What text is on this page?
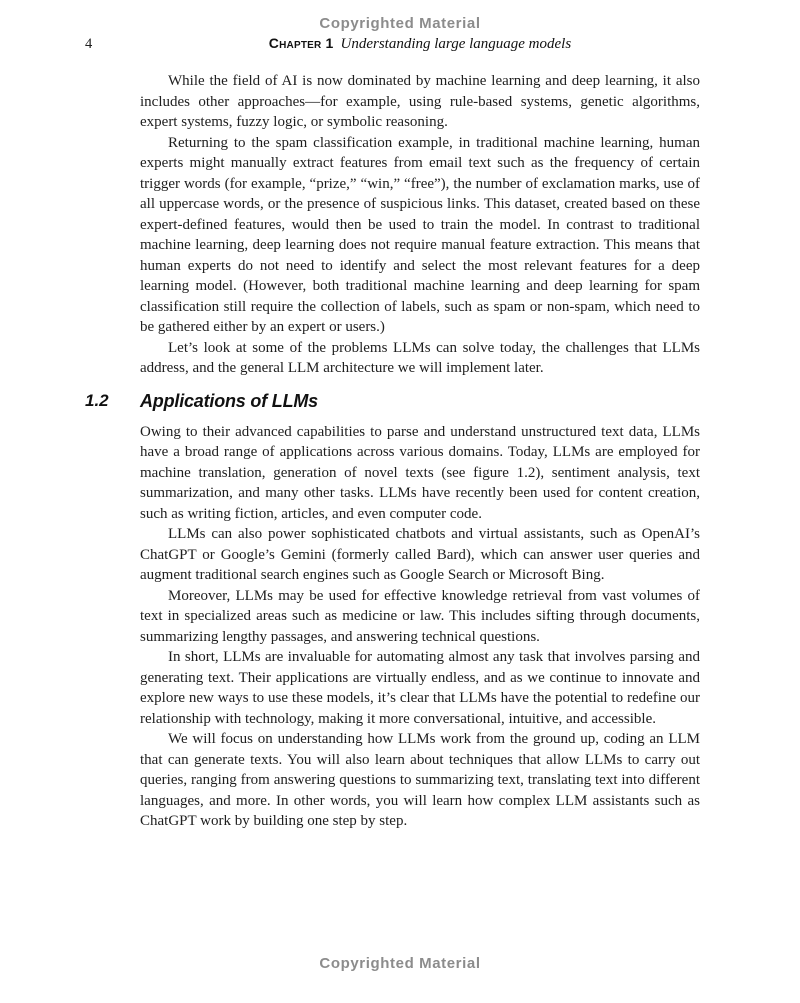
Copyrighted Material
4	Chapter 1 Understanding large language models

While the field of AI is now dominated by machine learning and deep learning, it also includes other approaches—for example, using rule-based systems, genetic algorithms, expert systems, fuzzy logic, or symbolic reasoning.

Returning to the spam classification example, in traditional machine learning, human experts might manually extract features from email text such as the frequency of certain trigger words (for example, “prize,” “win,” “free”), the number of exclamation marks, use of all uppercase words, or the presence of suspicious links. This dataset, created based on these expert-defined features, would then be used to train the model. In contrast to traditional machine learning, deep learning does not require manual feature extraction. This means that human experts do not need to identify and select the most relevant features for a deep learning model. (However, both traditional machine learning and deep learning for spam classification still require the collection of labels, such as spam or non-spam, which need to be gathered either by an expert or users.)

Let’s look at some of the problems LLMs can solve today, the challenges that LLMs address, and the general LLM architecture we will implement later.

1.2 Applications of LLMs

Owing to their advanced capabilities to parse and understand unstructured text data, LLMs have a broad range of applications across various domains. Today, LLMs are employed for machine translation, generation of novel texts (see figure 1.2), sentiment analysis, text summarization, and many other tasks. LLMs have recently been used for content creation, such as writing fiction, articles, and even computer code.

LLMs can also power sophisticated chatbots and virtual assistants, such as OpenAI’s ChatGPT or Google’s Gemini (formerly called Bard), which can answer user queries and augment traditional search engines such as Google Search or Microsoft Bing.

Moreover, LLMs may be used for effective knowledge retrieval from vast volumes of text in specialized areas such as medicine or law. This includes sifting through documents, summarizing lengthy passages, and answering technical questions.

In short, LLMs are invaluable for automating almost any task that involves parsing and generating text. Their applications are virtually endless, and as we continue to innovate and explore new ways to use these models, it’s clear that LLMs have the potential to redefine our relationship with technology, making it more conversational, intuitive, and accessible.

We will focus on understanding how LLMs work from the ground up, coding an LLM that can generate texts. You will also learn about techniques that allow LLMs to carry out queries, ranging from answering questions to summarizing text, translating text into different languages, and more. In other words, you will learn how complex LLM assistants such as ChatGPT work by building one step by step.

Copyrighted Material
